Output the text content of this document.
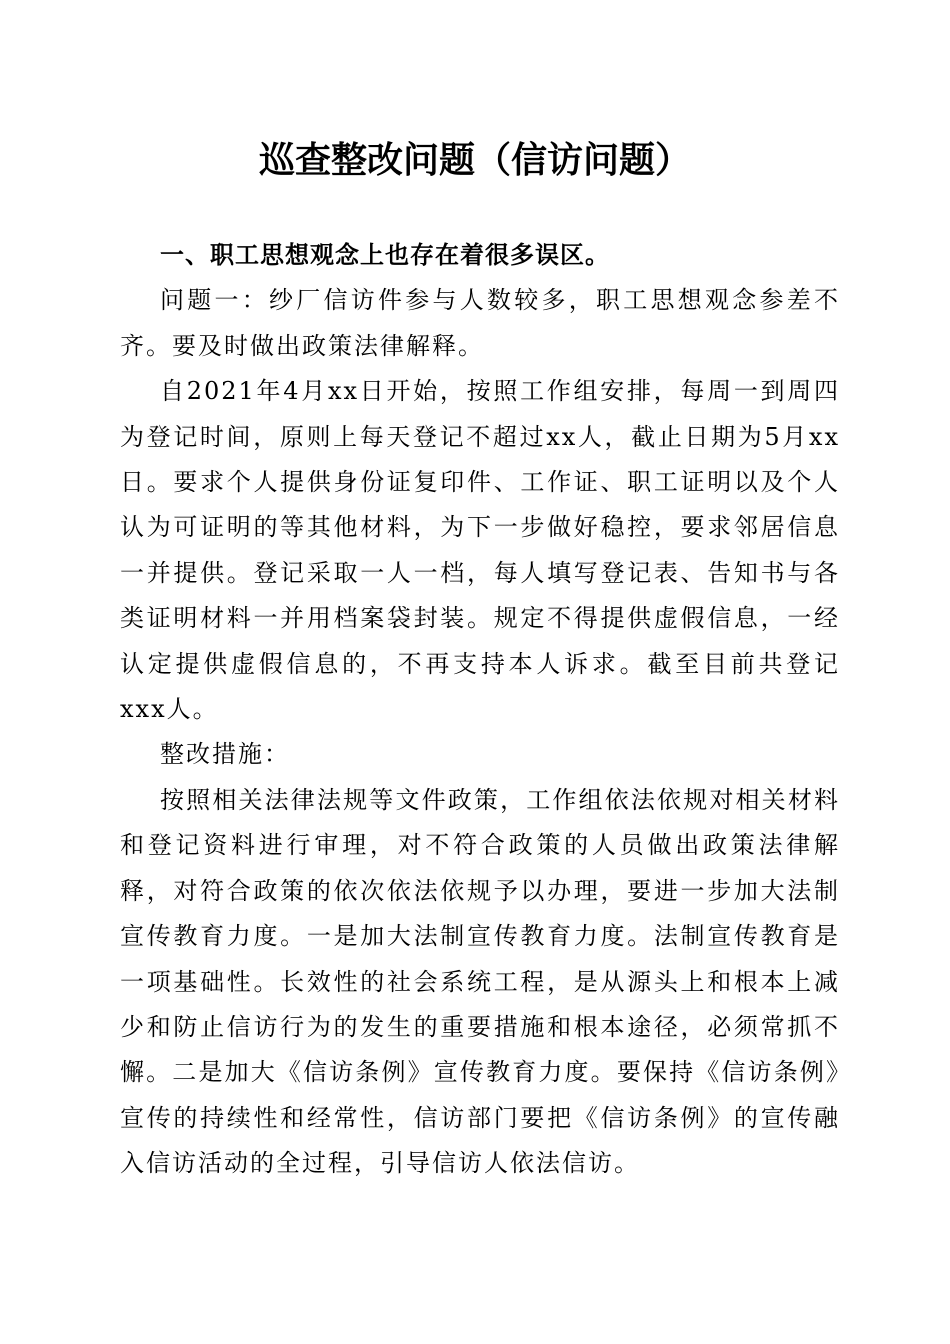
巡查整改问题（信访问题）

一、职工思想观念上也存在着很多误区。

问题一：纱厂信访件参与人数较多，职工思想观念参差不齐。要及时做出政策法律解释。

自2021年4月xx日开始，按照工作组安排，每周一到周四为登记时间，原则上每天登记不超过xx人，截止日期为5月xx日。要求个人提供身份证复印件、工作证、职工证明以及个人认为可证明的等其他材料，为下一步做好稳控，要求邻居信息一并提供。登记采取一人一档，每人填写登记表、告知书与各类证明材料一并用档案袋封装。规定不得提供虚假信息，一经认定提供虚假信息的，不再支持本人诉求。截至目前共登记xxx人。

整改措施：

按照相关法律法规等文件政策，工作组依法依规对相关材料和登记资料进行审理，对不符合政策的人员做出政策法律解释，对符合政策的依次依法依规予以办理，要进一步加大法制宣传教育力度。一是加大法制宣传教育力度。法制宣传教育是一项基础性。长效性的社会系统工程，是从源头上和根本上减少和防止信访行为的发生的重要措施和根本途径，必须常抓不懈。二是加大《信访条例》宣传教育力度。要保持《信访条例》宣传的持续性和经常性，信访部门要把《信访条例》的宣传融入信访活动的全过程，引导信访人依法信访。
